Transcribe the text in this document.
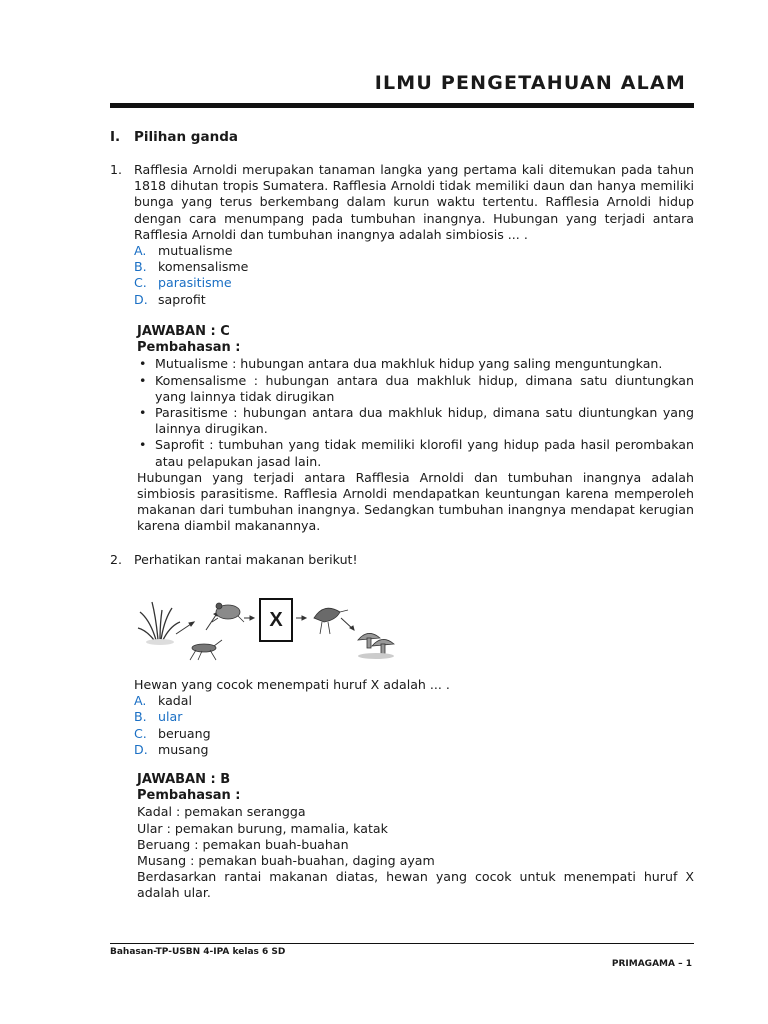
ILMU PENGETAHUAN ALAM
I. Pilihan ganda
1. Rafflesia Arnoldi merupakan tanaman langka yang pertama kali ditemukan pada tahun 1818 dihutan tropis Sumatera. Rafflesia Arnoldi tidak memiliki daun dan hanya memiliki bunga yang terus berkembang dalam kurun waktu tertentu. Rafflesia Arnoldi hidup dengan cara menumpang pada tumbuhan inangnya. Hubungan yang terjadi antara Rafflesia Arnoldi dan tumbuhan inangnya adalah simbiosis ... .
A. mutualisme
B. komensalisme
C. parasitisme
D. saprofit
JAWABAN : C
Pembahasan :
• Mutualisme : hubungan antara dua makhluk hidup yang saling menguntungkan.
• Komensalisme : hubungan antara dua makhluk hidup, dimana satu diuntungkan yang lainnya tidak dirugikan
• Parasitisme : hubungan antara dua makhluk hidup, dimana satu diuntungkan yang lainnya dirugikan.
• Saprofit : tumbuhan yang tidak memiliki klorofil yang hidup pada hasil perombakan atau pelapukan jasad lain.
Hubungan yang terjadi antara Rafflesia Arnoldi dan tumbuhan inangnya adalah simbiosis parasitisme. Rafflesia Arnoldi mendapatkan keuntungan karena memperoleh makanan dari tumbuhan inangnya. Sedangkan tumbuhan inangnya mendapat kerugian karena diambil makanannya.
2. Perhatikan rantai makanan berikut!
X
Hewan yang cocok menempati huruf X adalah ... .
A. kadal
B. ular
C. beruang
D. musang
JAWABAN : B
Pembahasan :
Kadal : pemakan serangga
Ular : pemakan burung, mamalia, katak
Beruang : pemakan buah-buahan
Musang : pemakan buah-buahan, daging ayam
Berdasarkan rantai makanan diatas, hewan yang cocok untuk menempati huruf X adalah ular.
Bahasan-TP-USBN 4-IPA kelas 6 SD
PRIMAGAMA – 1
